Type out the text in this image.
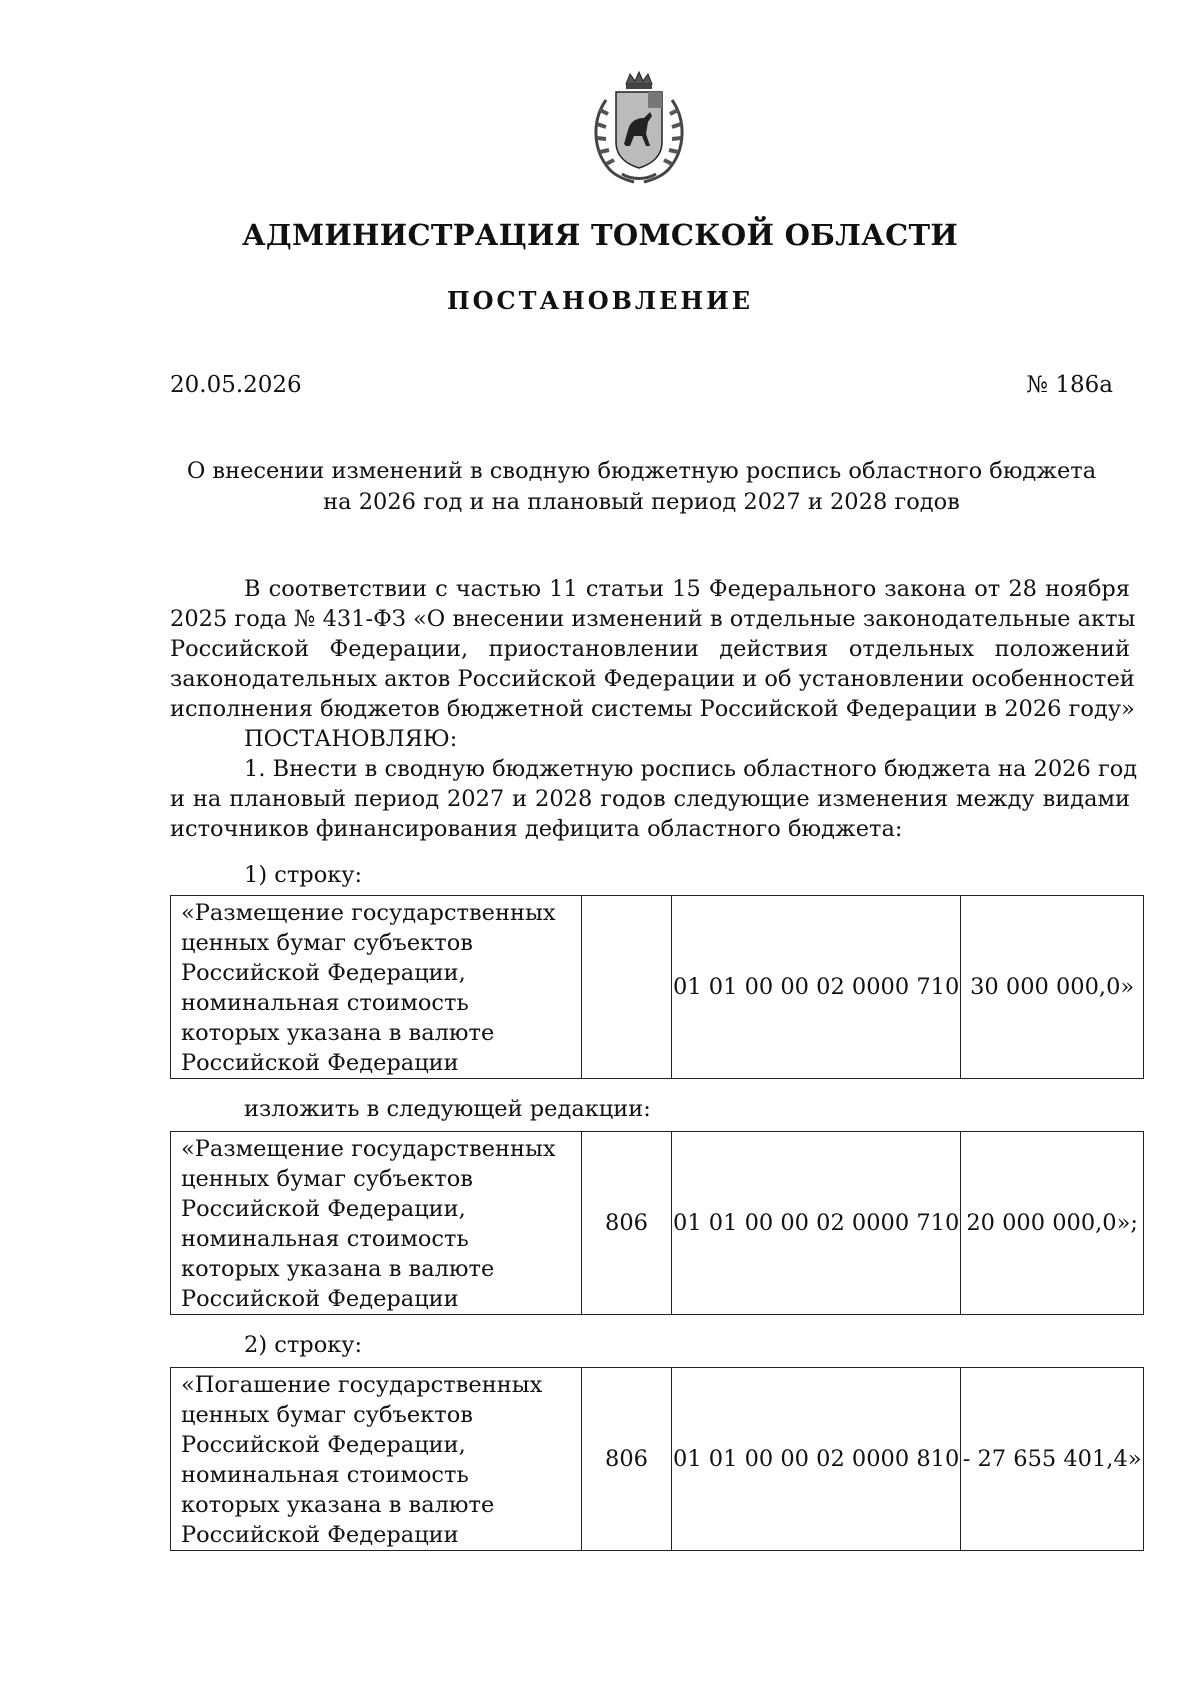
АДМИНИСТРАЦИЯ ТОМСКОЙ ОБЛАСТИ
ПОСТАНОВЛЕНИЕ
20.05.2026	№ 186а
О внесении изменений в сводную бюджетную роспись областного бюджета
на 2026 год и на плановый период 2027 и 2028 годов
В соответствии с частью 11 статьи 15 Федерального закона от 28 ноября
2025 года № 431-ФЗ «О внесении изменений в отдельные законодательные акты
Российской Федерации, приостановлении действия отдельных положений
законодательных актов Российской Федерации и об установлении особенностей
исполнения бюджетов бюджетной системы Российской Федерации в 2026 году»
ПОСТАНОВЛЯЮ:
1. Внести в сводную бюджетную роспись областного бюджета на 2026 год
и на плановый период 2027 и 2028 годов следующие изменения между видами
источников финансирования дефицита областного бюджета:
1) строку:
«Размещение государственных ценных бумаг субъектов Российской Федерации, номинальная стоимость которых указана в валюте Российской Федерации		01 01 00 00 02 0000 710	30 000 000,0»
изложить в следующей редакции:
«Размещение государственных ценных бумаг субъектов Российской Федерации, номинальная стоимость которых указана в валюте Российской Федерации	806	01 01 00 00 02 0000 710	20 000 000,0»;
2) строку:
«Погашение государственных ценных бумаг субъектов Российской Федерации, номинальная стоимость которых указана в валюте Российской Федерации	806	01 01 00 00 02 0000 810	- 27 655 401,4»
